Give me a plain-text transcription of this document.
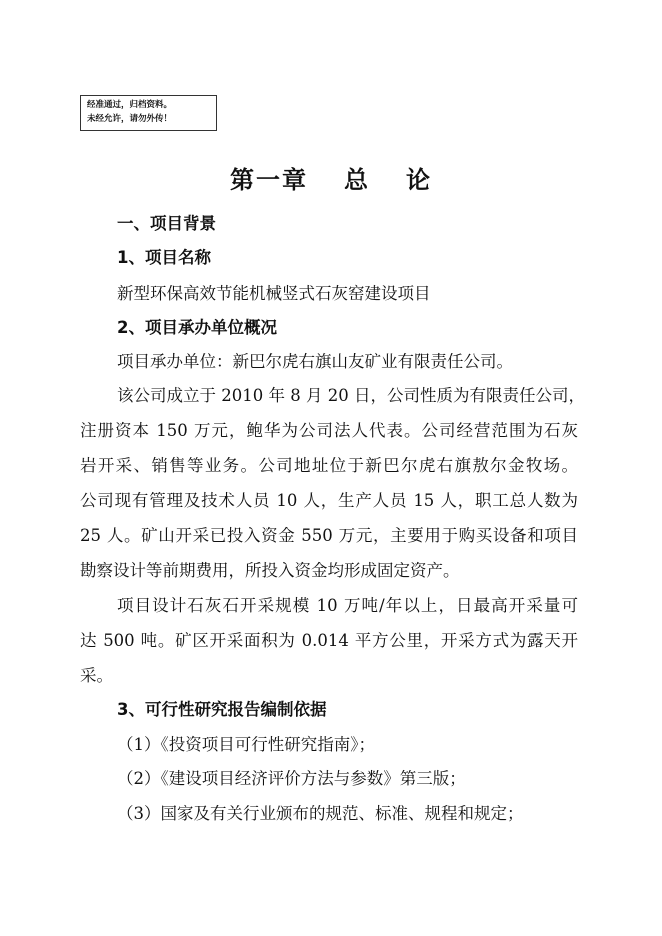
经准通过，归档资料。
未经允许，请勿外传！
第一章 总 论
一、项目背景
1、项目名称
新型环保高效节能机械竖式石灰窑建设项目
2、项目承办单位概况
项目承办单位：新巴尔虎右旗山友矿业有限责任公司。
该公司成立于 2010 年 8 月 20 日，公司性质为有限责任公司，
注册资本 150 万元，鲍华为公司法人代表。公司经营范围为石灰
岩开采、销售等业务。公司地址位于新巴尔虎右旗敖尔金牧场。
公司现有管理及技术人员 10 人，生产人员 15 人，职工总人数为
25 人。矿山开采已投入资金 550 万元，主要用于购买设备和项目
勘察设计等前期费用，所投入资金均形成固定资产。
项目设计石灰石开采规模 10 万吨/年以上，日最高开采量可
达 500 吨。矿区开采面积为 0.014 平方公里，开采方式为露天开
采。
3、可行性研究报告编制依据
（1）《投资项目可行性研究指南》；
（2）《建设项目经济评价方法与参数》第三版；
（3）国家及有关行业颁布的规范、标准、规程和规定；
